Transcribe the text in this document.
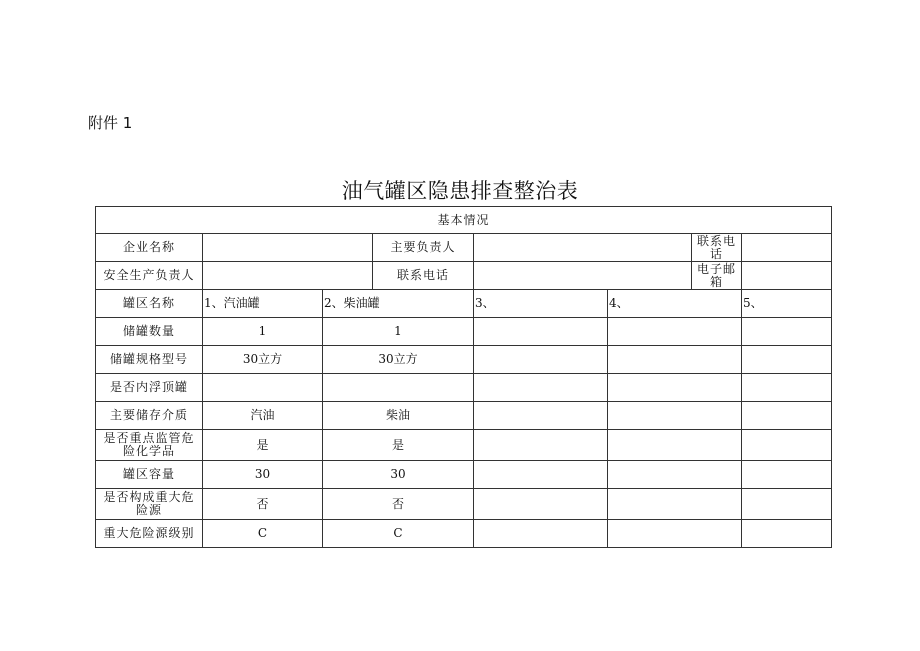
附件 1
油气罐区隐患排查整治表
基本情况							
企业名称			主要负责人			联系电话	
安全生产负责人			联系电话			电子邮箱	
罐区名称	1、汽油罐	2、柴油罐		3、	4、		5、
储罐数量	1	1					
储罐规格型号	30立方	30立方					
是否内浮顶罐							
主要储存介质	汽油	柴油					
是否重点监管危险化学品	是	是					
罐区容量	30	30					
是否构成重大危险源	否	否					
重大危险源级别	C	C					
